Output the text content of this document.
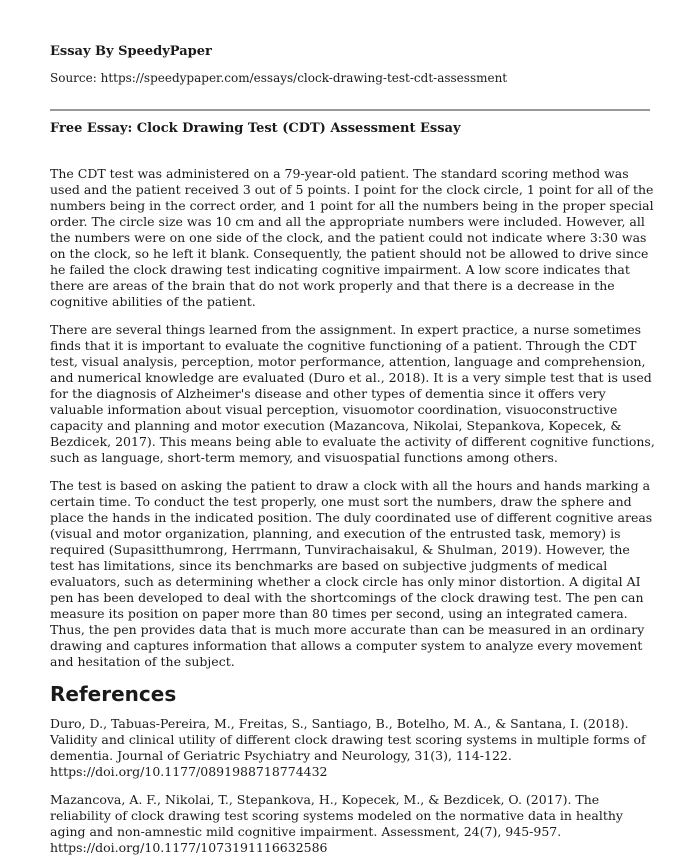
Essay By SpeedyPaper
Source: https://speedypaper.com/essays/clock-drawing-test-cdt-assessment
Free Essay: Clock Drawing Test (CDT) Assessment Essay

The CDT test was administered on a 79-year-old patient. The standard scoring method was used and the patient received 3 out of 5 points. I point for the clock circle, 1 point for all of the numbers being in the correct order, and 1 point for all the numbers being in the proper special order. The circle size was 10 cm and all the appropriate numbers were included. However, all the numbers were on one side of the clock, and the patient could not indicate where 3:30 was on the clock, so he left it blank. Consequently, the patient should not be allowed to drive since he failed the clock drawing test indicating cognitive impairment. A low score indicates that there are areas of the brain that do not work properly and that there is a decrease in the cognitive abilities of the patient.

There are several things learned from the assignment. In expert practice, a nurse sometimes finds that it is important to evaluate the cognitive functioning of a patient. Through the CDT test, visual analysis, perception, motor performance, attention, language and comprehension, and numerical knowledge are evaluated (Duro et al., 2018). It is a very simple test that is used for the diagnosis of Alzheimer's disease and other types of dementia since it offers very valuable information about visual perception, visuomotor coordination, visuoconstructive capacity and planning and motor execution (Mazancova, Nikolai, Stepankova, Kopecek, & Bezdicek, 2017). This means being able to evaluate the activity of different cognitive functions, such as language, short-term memory, and visuospatial functions among others.

The test is based on asking the patient to draw a clock with all the hours and hands marking a certain time. To conduct the test properly, one must sort the numbers, draw the sphere and place the hands in the indicated position. The duly coordinated use of different cognitive areas (visual and motor organization, planning, and execution of the entrusted task, memory) is required (Supasitthumrong, Herrmann, Tunvirachaisakul, & Shulman, 2019). However, the test has limitations, since its benchmarks are based on subjective judgments of medical evaluators, such as determining whether a clock circle has only minor distortion. A digital AI pen has been developed to deal with the shortcomings of the clock drawing test. The pen can measure its position on paper more than 80 times per second, using an integrated camera. Thus, the pen provides data that is much more accurate than can be measured in an ordinary drawing and captures information that allows a computer system to analyze every movement and hesitation of the subject.

References

Duro, D., Tabuas-Pereira, M., Freitas, S., Santiago, B., Botelho, M. A., & Santana, I. (2018). Validity and clinical utility of different clock drawing test scoring systems in multiple forms of dementia. Journal of Geriatric Psychiatry and Neurology, 31(3), 114-122. https://doi.org/10.1177/0891988718774432

Mazancova, A. F., Nikolai, T., Stepankova, H., Kopecek, M., & Bezdicek, O. (2017). The reliability of clock drawing test scoring systems modeled on the normative data in healthy aging and non-amnestic mild cognitive impairment. Assessment, 24(7), 945-957. https://doi.org/10.1177/1073191116632586
